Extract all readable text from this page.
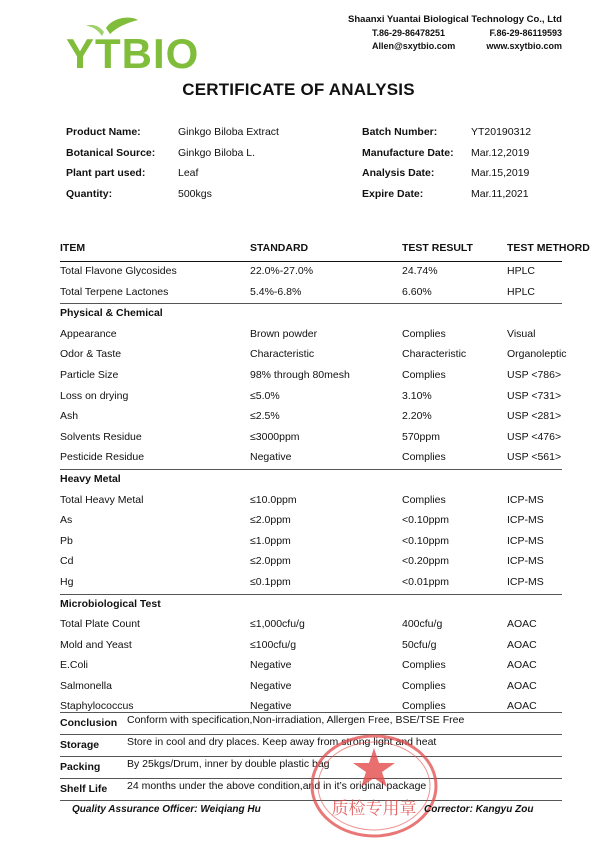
YTBIO
Shaanxi Yuantai Biological Technology Co., Ltd
T.86-29-86478251	F.86-29-86119593
Allen@sxytbio.com	www.sxytbio.com
CERTIFICATE OF ANALYSIS
Product Name:	Ginkgo Biloba Extract	Batch Number:	YT20190312
Botanical Source: Ginkgo Biloba L.	Manufacture Date: Mar.12,2019
Plant part used:	Leaf	Analysis Date:	Mar.15,2019
Quantity:	500kgs	Expire Date:	Mar.11,2021
ITEM	STANDARD	TEST RESULT	TEST METHORD
Total Flavone Glycosides	22.0%-27.0%	24.74%	HPLC
Total Terpene Lactones	5.4%-6.8%	6.60%	HPLC
Physical & Chemical
Appearance	Brown powder	Complies	Visual
Odor & Taste	Characteristic	Characteristic	Organoleptic
Particle Size	98% through 80mesh	Complies	USP <786>
Loss on drying	≤5.0%	3.10%	USP <731>
Ash	≤2.5%	2.20%	USP <281>
Solvents Residue	≤3000ppm	570ppm	USP <476>
Pesticide Residue	Negative	Complies	USP <561>
Heavy Metal
Total Heavy Metal	≤10.0ppm	Complies	ICP-MS
As	≤2.0ppm	<0.10ppm	ICP-MS
Pb	≤1.0ppm	<0.10ppm	ICP-MS
Cd	≤2.0ppm	<0.20ppm	ICP-MS
Hg	≤0.1ppm	<0.01ppm	ICP-MS
Microbiological Test
Total Plate Count	≤1,000cfu/g	400cfu/g	AOAC
Mold and Yeast	≤100cfu/g	50cfu/g	AOAC
E.Coli	Negative	Complies	AOAC
Salmonella	Negative	Complies	AOAC
Staphylococcus	Negative	Complies	AOAC
Conclusion Conform with specification,Non-irradiation, Allergen Free, BSE/TSE Free
Storage	Store in cool and dry places. Keep away from strong light and heat
Packing	By 25kgs/Drum, inner by double plastic bag
Shelf Life 24 months under the above condition,and in it’s original package
质检专用章
Quality Assurance Officer: Weiqiang Hu	Corrector: Kangyu Zou
